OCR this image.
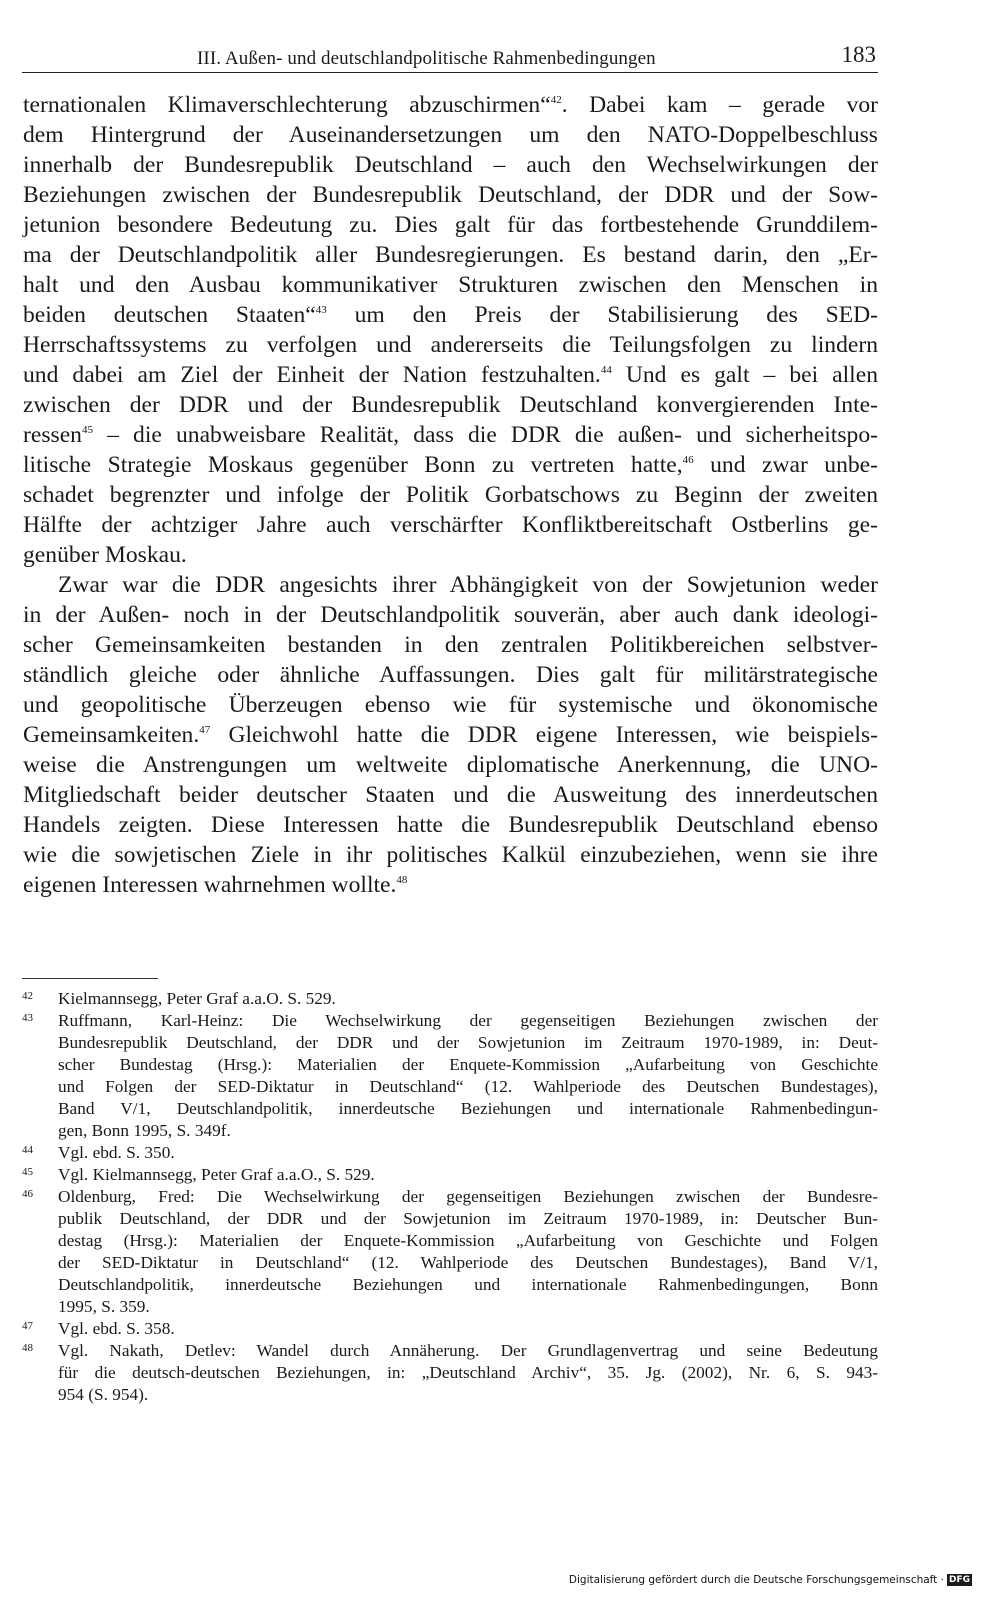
III. Außen- und deutschlandpolitische Rahmenbedingungen	183
ternationalen Klimaverschlechterung abzuschirmen“$^{42}$. Dabei kam – gerade vor
dem Hintergrund der Auseinandersetzungen um den NATO-Doppelbeschluss
innerhalb der Bundesrepublik Deutschland – auch den Wechselwirkungen der
Beziehungen zwischen der Bundesrepublik Deutschland, der DDR und der Sow-
jetunion besondere Bedeutung zu. Dies galt für das fortbestehende Grunddilem-
ma der Deutschlandpolitik aller Bundesregierungen. Es bestand darin, den „Er-
halt und den Ausbau kommunikativer Strukturen zwischen den Menschen in
beiden deutschen Staaten“$^{43}$ um den Preis der Stabilisierung des SED-
Herrschaftssystems zu verfolgen und andererseits die Teilungsfolgen zu lindern
und dabei am Ziel der Einheit der Nation festzuhalten.$^{44}$ Und es galt – bei allen
zwischen der DDR und der Bundesrepublik Deutschland konvergierenden Inte-
ressen$^{45}$ – die unabweisbare Realität, dass die DDR die außen- und sicherheitspo-
litische Strategie Moskaus gegenüber Bonn zu vertreten hatte,$^{46}$ und zwar unbe-
schadet begrenzter und infolge der Politik Gorbatschows zu Beginn der zweiten
Hälfte der achtziger Jahre auch verschärfter Konfliktbereitschaft Ostberlins ge-
genüber Moskau.
Zwar war die DDR angesichts ihrer Abhängigkeit von der Sowjetunion weder
in der Außen- noch in der Deutschlandpolitik souverän, aber auch dank ideologi-
scher Gemeinsamkeiten bestanden in den zentralen Politikbereichen selbstver-
ständlich gleiche oder ähnliche Auffassungen. Dies galt für militärstrategische
und geopolitische Überzeugen ebenso wie für systemische und ökonomische
Gemeinsamkeiten.$^{47}$ Gleichwohl hatte die DDR eigene Interessen, wie beispiels-
weise die Anstrengungen um weltweite diplomatische Anerkennung, die UNO-
Mitgliedschaft beider deutscher Staaten und die Ausweitung des innerdeutschen
Handels zeigten. Diese Interessen hatte die Bundesrepublik Deutschland ebenso
wie die sowjetischen Ziele in ihr politisches Kalkül einzubeziehen, wenn sie ihre
eigenen Interessen wahrnehmen wollte.$^{48}$
42 Kielmannsegg, Peter Graf a.a.O. S. 529.
43 Ruffmann, Karl-Heinz: Die Wechselwirkung der gegenseitigen Beziehungen zwischen der
Bundesrepublik Deutschland, der DDR und der Sowjetunion im Zeitraum 1970-1989, in: Deut-
scher Bundestag (Hrsg.): Materialien der Enquete-Kommission „Aufarbeitung von Geschichte
und Folgen der SED-Diktatur in Deutschland“ (12. Wahlperiode des Deutschen Bundestages),
Band V/1, Deutschlandpolitik, innerdeutsche Beziehungen und internationale Rahmenbedingun-
gen, Bonn 1995, S. 349f.
44 Vgl. ebd. S. 350.
45 Vgl. Kielmannsegg, Peter Graf a.a.O., S. 529.
46 Oldenburg, Fred: Die Wechselwirkung der gegenseitigen Beziehungen zwischen der Bundesre-
publik Deutschland, der DDR und der Sowjetunion im Zeitraum 1970-1989, in: Deutscher Bun-
destag (Hrsg.): Materialien der Enquete-Kommission „Aufarbeitung von Geschichte und Folgen
der SED-Diktatur in Deutschland“ (12. Wahlperiode des Deutschen Bundestages), Band V/1,
Deutschlandpolitik, innerdeutsche Beziehungen und internationale Rahmenbedingungen, Bonn
1995, S. 359.
47 Vgl. ebd. S. 358.
48 Vgl. Nakath, Detlev: Wandel durch Annäherung. Der Grundlagenvertrag und seine Bedeutung
für die deutsch-deutschen Beziehungen, in: „Deutschland Archiv“, 35. Jg. (2002), Nr. 6, S. 943-
954 (S. 954).
Digitalisierung gefördert durch die Deutsche Forschungsgemeinschaft · DFG
